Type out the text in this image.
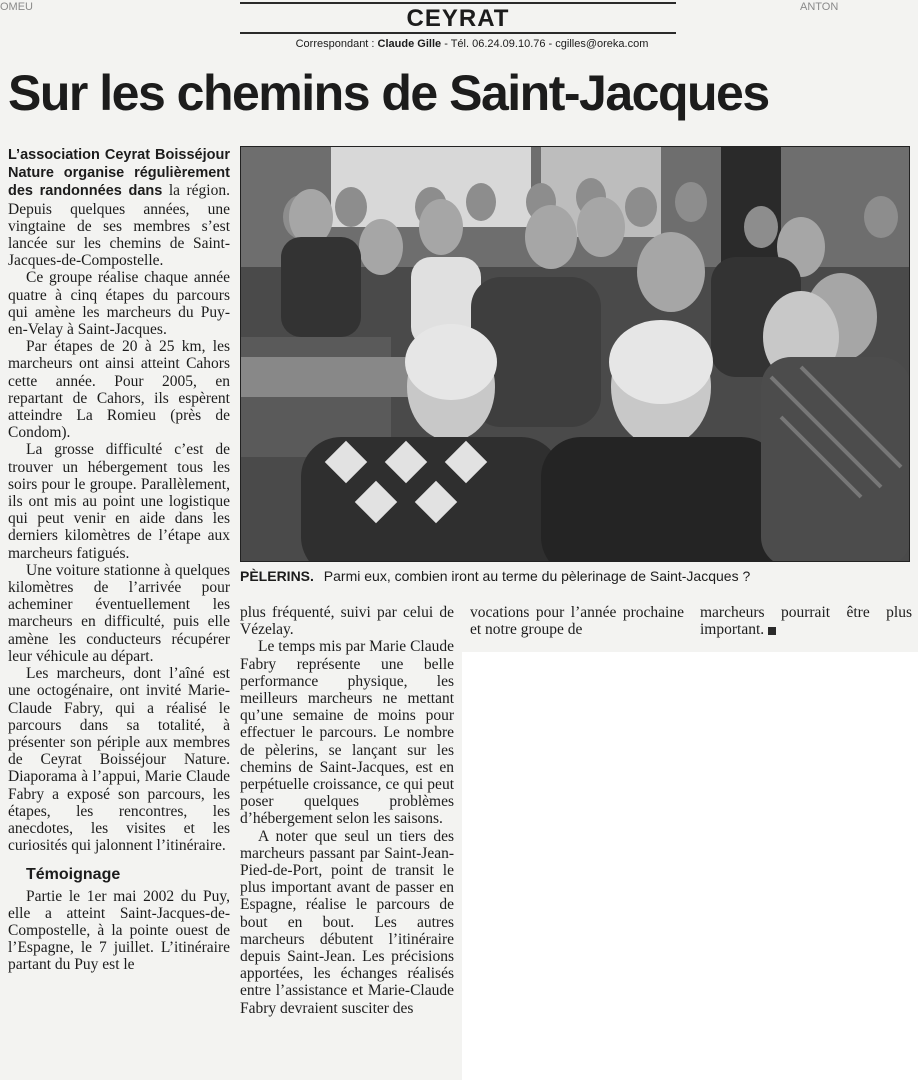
OMEU	ANTON
CEYRAT
Correspondant : Claude Gille - Tél. 06.24.09.10.76 - cgilles@oreka.com
Sur les chemins de Saint-Jacques

L’association Ceyrat Boisséjour Nature organise régulièrement des randonnées dans la région. Depuis quelques années, une vingtaine de ses membres s’est lancée sur les chemins de Saint-Jacques-de-Compostelle.

Ce groupe réalise chaque année quatre à cinq étapes du parcours qui amène les marcheurs du Puy-en-Velay à Saint-Jacques.

Par étapes de 20 à 25 km, les marcheurs ont ainsi atteint Cahors cette année. Pour 2005, en repartant de Cahors, ils espèrent atteindre La Romieu (près de Condom).

La grosse difficulté c’est de trouver un hébergement tous les soirs pour le groupe. Parallèlement, ils ont mis au point une logistique qui peut venir en aide dans les derniers kilomètres de l’étape aux marcheurs fatigués.

Une voiture stationne à quelques kilomètres de l’arrivée pour acheminer éventuellement les marcheurs en difficulté, puis elle amène les conducteurs récupérer leur véhicule au départ.

Les marcheurs, dont l’aîné est une octogénaire, ont invité Marie-Claude Fabry, qui a réalisé le parcours dans sa totalité, à présenter son périple aux membres de Ceyrat Boisséjour Nature. Diaporama à l’appui, Marie Claude Fabry a exposé son parcours, les étapes, les rencontres, les anecdotes, les visites et les curiosités qui jalonnent l’itinéraire.

Témoignage

Partie le 1er mai 2002 du Puy, elle a atteint Saint-Jacques-de-Compostelle, à la pointe ouest de l’Espagne, le 7 juillet. L’itinéraire partant du Puy est le

PÈLERINS. Parmi eux, combien iront au terme du pèlerinage de Saint-Jacques ?

plus fréquenté, suivi par celui de Vézelay.

Le temps mis par Marie Claude Fabry représente une belle performance physique, les meilleurs marcheurs ne mettant qu’une semaine de moins pour effectuer le parcours. Le nombre de pèlerins, se lançant sur les chemins de Saint-Jacques, est en perpétuelle croissance, ce qui peut poser quelques problèmes d’hébergement selon les saisons.

A noter que seul un tiers des marcheurs passant par Saint-Jean-Pied-de-Port, point de transit le plus important avant de passer en Espagne, réalise le parcours de bout en bout. Les autres marcheurs débutent l’itinéraire depuis Saint-Jean. Les précisions apportées, les échanges réalisés entre l’assistance et Marie-Claude Fabry devraient susciter des

vocations pour l’année prochaine et notre groupe de

marcheurs pourrait être plus important.
